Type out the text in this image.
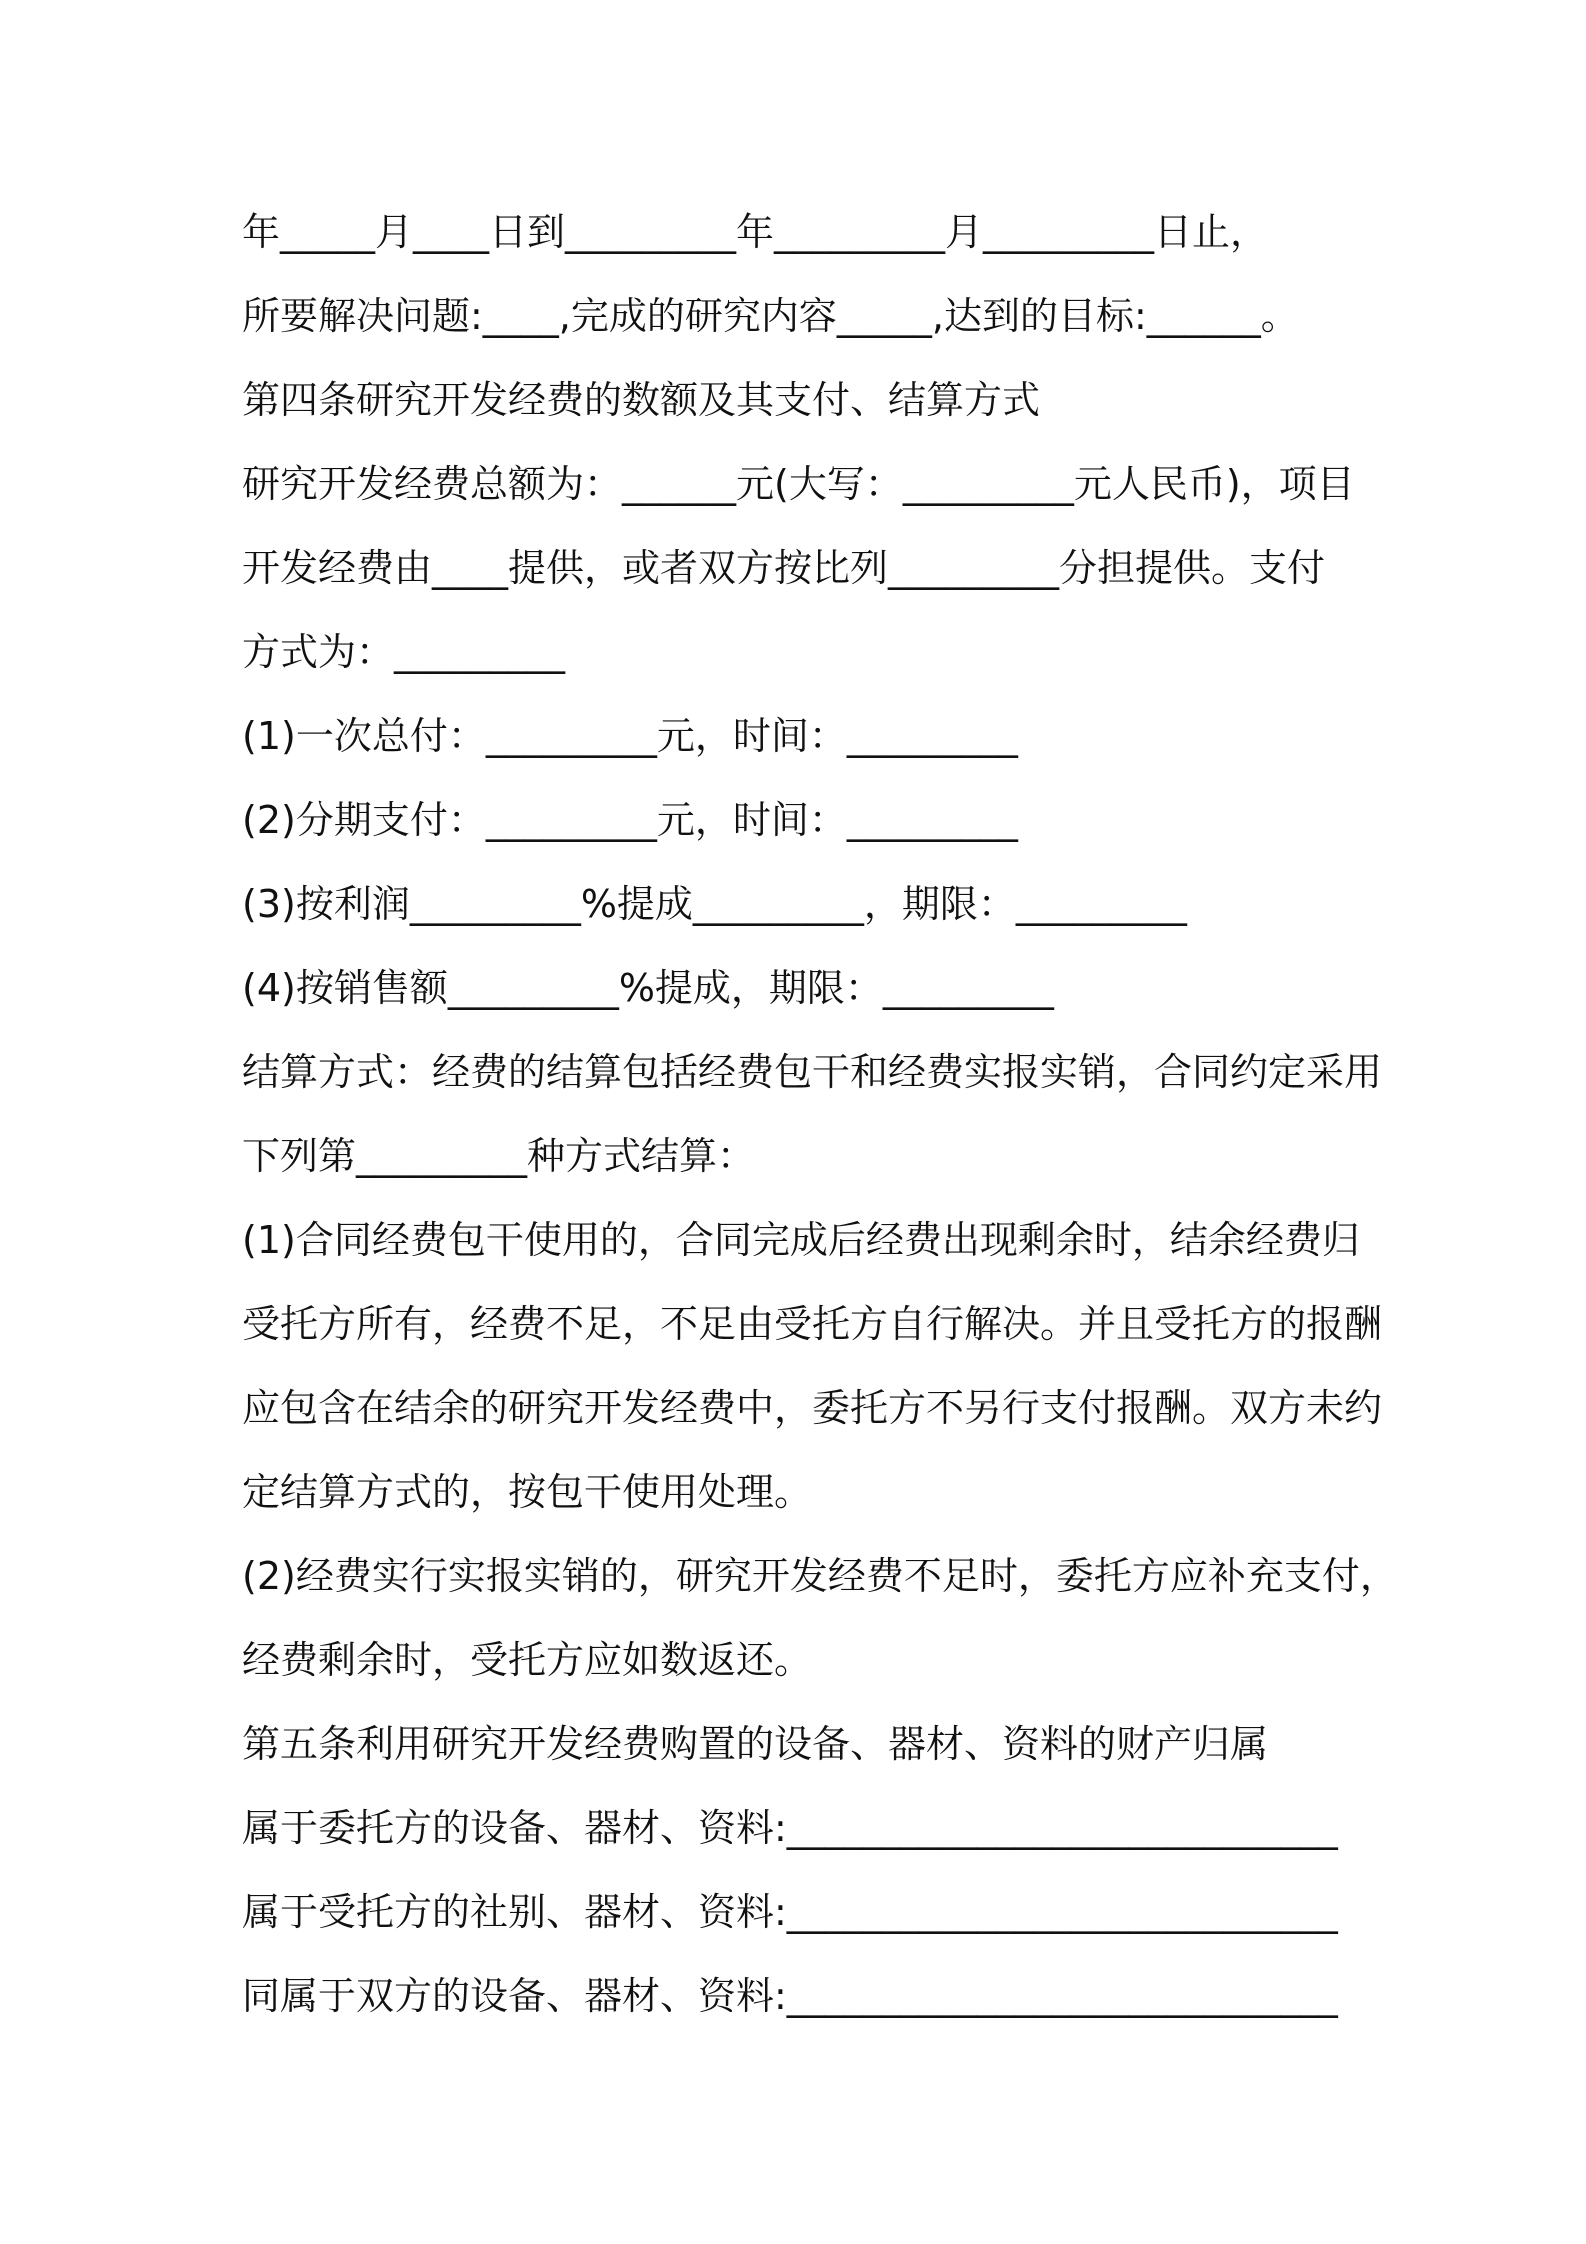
年_____月____日到_________年_________月_________日止，
所要解决问题:____,完成的研究内容_____,达到的目标:______。
第四条研究开发经费的数额及其支付、结算方式
研究开发经费总额为：______元(大写：_________元人民币)，项目
开发经费由____提供，或者双方按比列_________分担提供。支付
方式为：_________
(1)一次总付：_________元，时间：_________
(2)分期支付：_________元，时间：_________
(3)按利润_________%提成_________，期限：_________
(4)按销售额_________%提成，期限：_________
结算方式：经费的结算包括经费包干和经费实报实销，合同约定采用
下列第_________种方式结算：
(1)合同经费包干使用的，合同完成后经费出现剩余时，结余经费归
受托方所有，经费不足，不足由受托方自行解决。并且受托方的报酬
应包含在结余的研究开发经费中，委托方不另行支付报酬。双方未约
定结算方式的，按包干使用处理。
(2)经费实行实报实销的，研究开发经费不足时，委托方应补充支付，
经费剩余时，受托方应如数返还。
第五条利用研究开发经费购置的设备、器材、资料的财产归属
属于委托方的设备、器材、资料:_____________________________
属于受托方的社别、器材、资料:_____________________________
同属于双方的设备、器材、资料:_____________________________
